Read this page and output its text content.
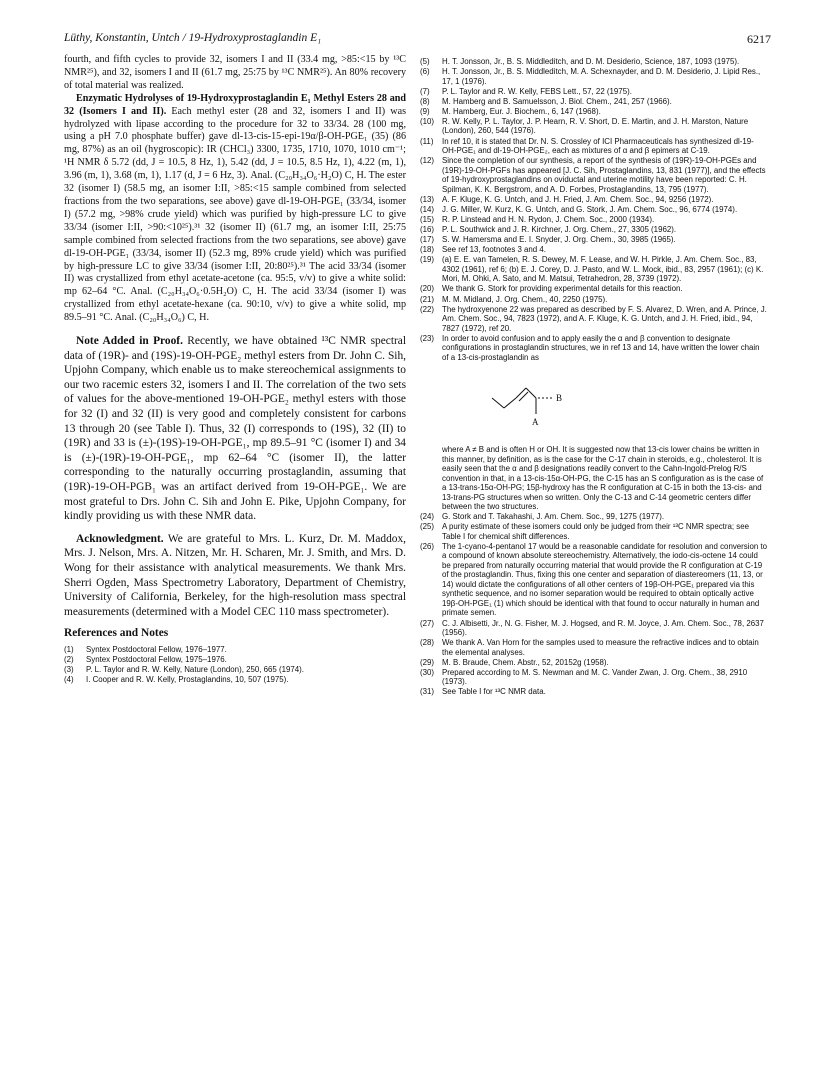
Lüthy, Konstantin, Untch / 19-Hydroxyprostaglandin E₁	6217

fourth, and fifth cycles to provide 32, isomers I and II (33.4 mg, >85:<15 by ¹³C NMR²⁵), and 32, isomers I and II (61.7 mg, 25:75 by ¹³C NMR²⁵). An 80% recovery of total material was realized.

Enzymatic Hydrolyses of 19-Hydroxyprostaglandin E₁ Methyl Esters 28 and 32 (Isomers I and II). Each methyl ester (28 and 32, isomers I and II) was hydrolyzed with lipase according to the procedure for 32 to 33/34. 28 (100 mg, using a pH 7.0 phosphate buffer) gave dl-13-cis-15-epi-19α/β-OH-PGE₁ (35) (86 mg, 87%) as an oil (hygroscopic): IR (CHCl₃) 3300, 1735, 1710, 1070, 1010 cm⁻¹; ¹H NMR δ 5.72 (dd, J = 10.5, 8 Hz, 1), 5.42 (dd, J = 10.5, 8.5 Hz, 1), 4.22 (m, 1), 3.96 (m, 1), 3.68 (m, 1), 1.17 (d, J = 6 Hz, 3). Anal. (C₂₀H₃₄O₆·H₂O) C, H. The ester 32 (isomer I) (58.5 mg, an isomer I:II, >85:<15 sample combined from selected fractions from the two separations, see above) gave dl-19-OH-PGE₁ (33/34, isomer I) (57.2 mg, >98% crude yield) which was purified by high-pressure LC to give 33/34 (isomer I:II, >90:<10²⁵).³¹ 32 (isomer II) (61.7 mg, an isomer I:II, 25:75 sample combined from selected fractions from the two separations, see above) gave dl-19-OH-PGE₁ (33/34, isomer II) (52.3 mg, 89% crude yield) which was purified by high-pressure LC to give 33/34 (isomer I:II, 20:80²⁵).³¹ The acid 33/34 (isomer II) was crystallized from ethyl acetate-acetone (ca. 95:5, v/v) to give a white solid: mp 62–64 °C. Anal. (C₂₀H₃₄O₆·0.5H₂O) C, H. The acid 33/34 (isomer I) was crystallized from ethyl acetate-hexane (ca. 90:10, v/v) to give a white solid, mp 89.5–91 °C. Anal. (C₂₀H₃₄O₆) C, H.

Note Added in Proof. Recently, we have obtained ¹³C NMR spectral data of (19R)- and (19S)-19-OH-PGE₂ methyl esters from Dr. John C. Sih, Upjohn Company, which enable us to make stereochemical assignments to our two racemic esters 32, isomers I and II. The correlation of the two sets of values for the above-mentioned 19-OH-PGE₂ methyl esters with those for 32 (I) and 32 (II) is very good and completely consistent for carbons 13 through 20 (see Table I). Thus, 32 (I) corresponds to (19S), 32 (II) to (19R) and 33 is (±)-(19S)-19-OH-PGE₁, mp 89.5–91 °C (isomer I) and 34 is (±)-(19R)-19-OH-PGE₁, mp 62–64 °C (isomer II), the latter corresponding to the naturally occurring prostaglandin, assuming that (19R)-19-OH-PGB₁ was an artifact derived from 19-OH-PGE₁. We are most grateful to Drs. John C. Sih and John E. Pike, Upjohn Company, for kindly providing us with these NMR data.

Acknowledgment. We are grateful to Mrs. L. Kurz, Dr. M. Maddox, Mrs. J. Nelson, Mrs. A. Nitzen, Mr. H. Scharen, Mr. J. Smith, and Mrs. D. Wong for their assistance with analytical measurements. We thank Mrs. Sherri Ogden, Mass Spectrometry Laboratory, Department of Chemistry, University of California, Berkeley, for the high-resolution mass spectral measurements (determined with a Model CEC 110 mass spectrometer).

References and Notes

(1)	Syntex Postdoctoral Fellow, 1976–1977.
(2)	Syntex Postdoctoral Fellow, 1975–1976.
(3)	P. L. Taylor and R. W. Kelly, Nature (London), 250, 665 (1974).
(4)	I. Cooper and R. W. Kelly, Prostaglandins, 10, 507 (1975).
(5)	H. T. Jonsson, Jr., B. S. Middleditch, and D. M. Desiderio, Science, 187, 1093 (1975).
(6)	H. T. Jonsson, Jr., B. S. Middleditch, M. A. Schexnayder, and D. M. Desiderio, J. Lipid Res., 17, 1 (1976).
(7)	P. L. Taylor and R. W. Kelly, FEBS Lett., 57, 22 (1975).
(8)	M. Hamberg and B. Samuelsson, J. Biol. Chem., 241, 257 (1966).
(9)	M. Hamberg, Eur. J. Biochem., 6, 147 (1968).
(10)	R. W. Kelly, P. L. Taylor, J. P. Hearn, R. V. Short, D. E. Martin, and J. H. Marston, Nature (London), 260, 544 (1976).
(11)	In ref 10, it is stated that Dr. N. S. Crossley of ICI Pharmaceuticals has synthesized dl-19-OH-PGE₁ and dl-19-OH-PGE₂, each as mixtures of α and β epimers at C-19.
(12)	Since the completion of our synthesis, a report of the synthesis of (19R)-19-OH-PGEs and (19R)-19-OH-PGFs has appeared [J. C. Sih, Prostaglandins, 13, 831 (1977)], and the effects of 19-hydroxyprostaglandins on oviductal and uterine motility have been reported: C. H. Spilman, K. K. Bergstrom, and A. D. Forbes, Prostaglandins, 13, 795 (1977).
(13)	A. F. Kluge, K. G. Untch, and J. H. Fried, J. Am. Chem. Soc., 94, 9256 (1972).
(14)	J. G. Miller, W. Kurz, K. G. Untch, and G. Stork, J. Am. Chem. Soc., 96, 6774 (1974).
(15)	R. P. Linstead and H. N. Rydon, J. Chem. Soc., 2000 (1934).
(16)	P. L. Southwick and J. R. Kirchner, J. Org. Chem., 27, 3305 (1962).
(17)	S. W. Hamersma and E. I. Snyder, J. Org. Chem., 30, 3985 (1965).
(18)	See ref 13, footnotes 3 and 4.
(19)	(a) E. E. van Tamelen, R. S. Dewey, M. F. Lease, and W. H. Pirkle, J. Am. Chem. Soc., 83, 4302 (1961), ref 6; (b) E. J. Corey, D. J. Pasto, and W. L. Mock, ibid., 83, 2957 (1961); (c) K. Mori, M. Ohki, A. Sato, and M. Matsui, Tetrahedron, 28, 3739 (1972).
(20)	We thank G. Stork for providing experimental details for this reaction.
(21)	M. M. Midland, J. Org. Chem., 40, 2250 (1975).
(22)	The hydroxyenone 22 was prepared as described by F. S. Alvarez, D. Wren, and A. Prince, J. Am. Chem. Soc., 94, 7823 (1972), and A. F. Kluge, K. G. Untch, and J. H. Fried, ibid., 94, 7827 (1972), ref 20.
(23)	In order to avoid confusion and to apply easily the α and β convention to designate configurations in prostaglandin structures, we in ref 13 and 14, have written the lower chain of a 13-cis-prostaglandin as
B
A
where A ≠ B and is often H or OH. It is suggested now that 13-cis lower chains be written in this manner, by definition, as is the case for the C-17 chain in steroids, e.g., cholesterol. It is easily seen that the α and β designations readily convert to the Cahn-Ingold-Prelog R/S convention in that, in a 13-cis-15α-OH-PG, the C-15 has an S configuration as is the case of a 13-trans-15α-OH-PG; 15β-hydroxy has the R configuration at C-15 in both the 13-cis- and 13-trans-PG structures when so written. Only the C-13 and C-14 geometric centers differ between the two structures.
(24)	G. Stork and T. Takahashi, J. Am. Chem. Soc., 99, 1275 (1977).
(25)	A purity estimate of these isomers could only be judged from their ¹³C NMR spectra; see Table I for chemical shift differences.
(26)	The 1-cyano-4-pentanol 17 would be a reasonable candidate for resolution and conversion to a compound of known absolute stereochemistry. Alternatively, the iodo-cis-octene 14 could be prepared from naturally occurring material that would provide the R configuration at C-19 of the prostaglandin. Thus, fixing this one center and separation of diastereomers (11, 13, or 14) would dictate the configurations of all other centers of 19β-OH-PGE₁ prepared via this synthetic sequence, and no isomer separation would be required to obtain optically active 19β-OH-PGE₁ (1) which should be identical with that found to occur naturally in human and primate semen.
(27)	C. J. Albisetti, Jr., N. G. Fisher, M. J. Hogsed, and R. M. Joyce, J. Am. Chem. Soc., 78, 2637 (1956).
(28)	We thank A. Van Horn for the samples used to measure the refractive indices and to obtain the elemental analyses.
(29)	M. B. Braude, Chem. Abstr., 52, 20152g (1958).
(30)	Prepared according to M. S. Newman and M. C. Vander Zwan, J. Org. Chem., 38, 2910 (1973).
(31)	See Table I for ¹³C NMR data.
